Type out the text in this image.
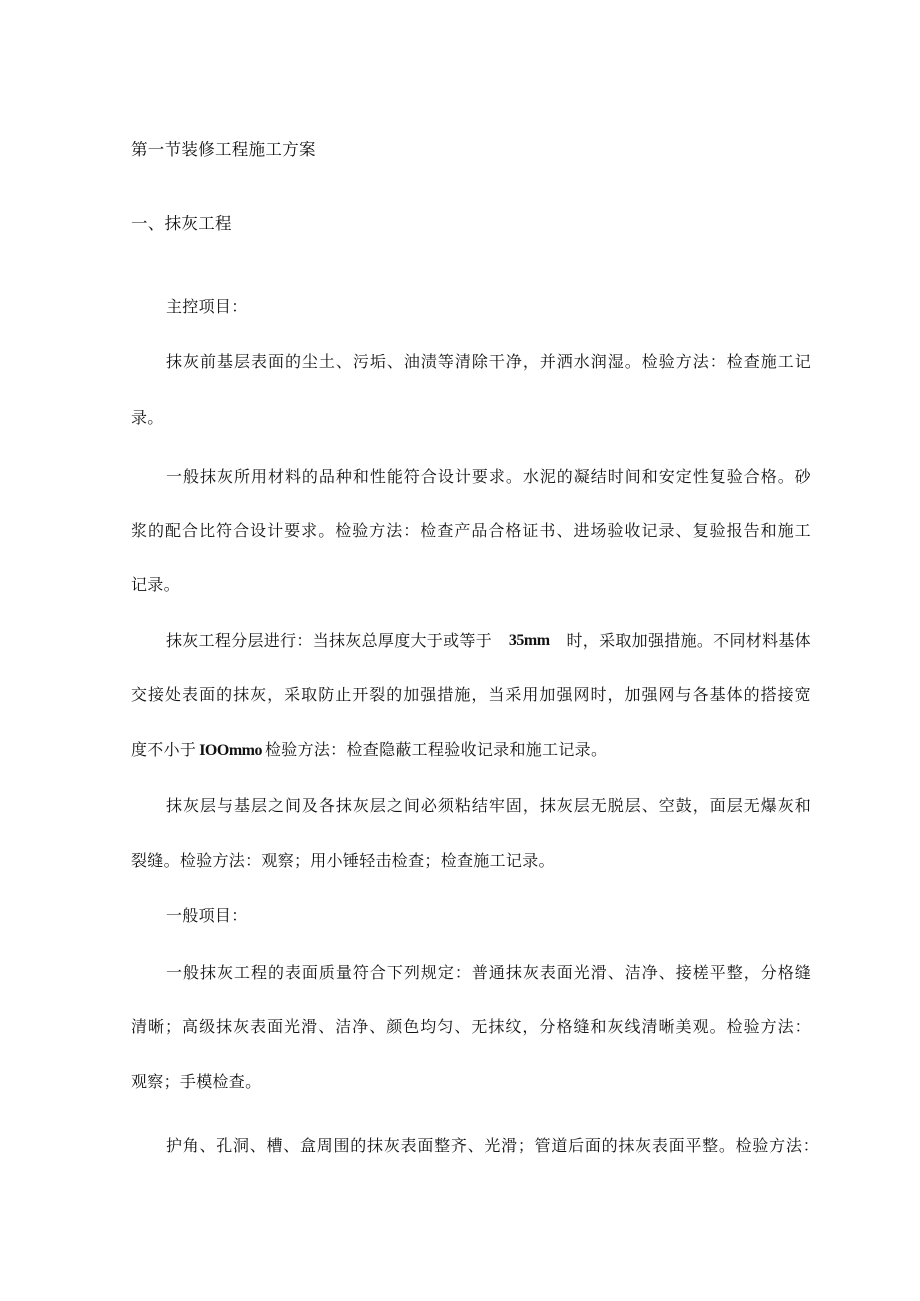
第一节装修工程施工方案
一、抹灰工程
主控项目：
抹灰前基层表面的尘土、污垢、油渍等清除干净，并洒水润湿。检验方法：检查施工记
录。
一般抹灰所用材料的品种和性能符合设计要求。水泥的凝结时间和安定性复验合格。砂
浆的配合比符合设计要求。检验方法：检查产品合格证书、进场验收记录、复验报告和施工
记录。
抹灰工程分层进行：当抹灰总厚度大于或等于 35mm 时，采取加强措施。不同材料基体
交接处表面的抹灰，采取防止开裂的加强措施，当采用加强网时，加强网与各基体的搭接宽
度不小于 IOOmmo 检验方法：检查隐蔽工程验收记录和施工记录。
抹灰层与基层之间及各抹灰层之间必须粘结牢固，抹灰层无脱层、空鼓，面层无爆灰和
裂缝。检验方法：观察；用小锤轻击检查；检查施工记录。
一般项目：
一般抹灰工程的表面质量符合下列规定：普通抹灰表面光滑、洁净、接槎平整，分格缝
清晰；高级抹灰表面光滑、洁净、颜色均匀、无抹纹，分格缝和灰线清晰美观。检验方法：
观察；手模检查。
护角、孔洞、槽、盒周围的抹灰表面整齐、光滑；管道后面的抹灰表面平整。检验方法：
